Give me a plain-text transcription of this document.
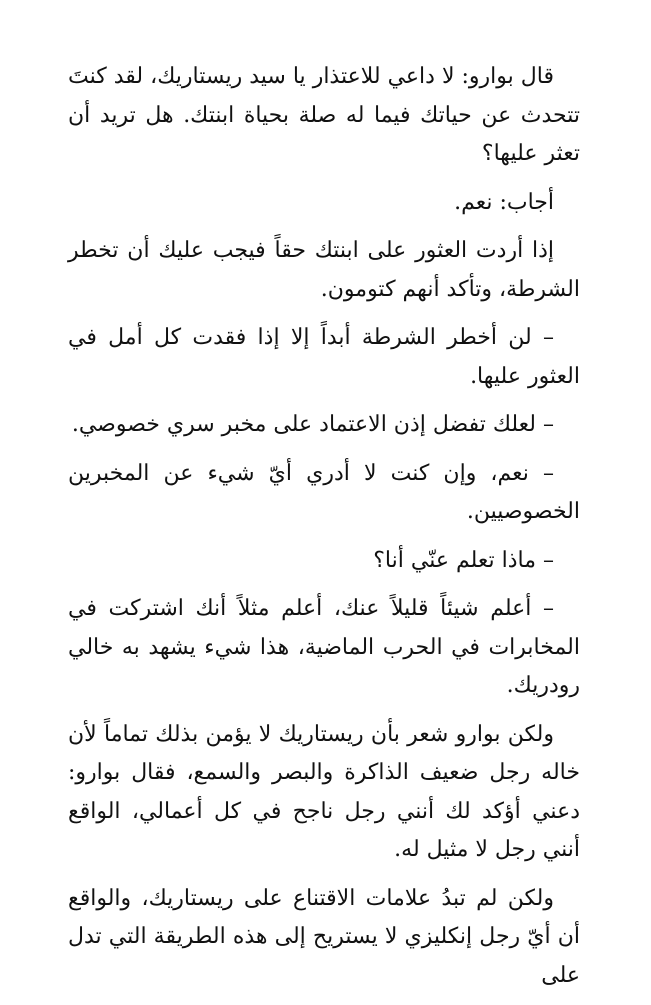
قال بوارو: لا داعي للاعتذار يا سيد ريستاريك، لقد كنتَ تتحدث عن حياتك فيما له صلة بحياة ابنتك. هل تريد أن تعثر عليها؟

أجاب: نعم.

إذا أردت العثور على ابنتك حقاً فيجب عليك أن تخطر الشرطة، وتأكد أنهم كتومون.

– لن أخطر الشرطة أبداً إلا إذا فقدت كل أمل في العثور عليها.

– لعلك تفضل إذن الاعتماد على مخبر سري خصوصي.

– نعم، وإن كنت لا أدري أيّ شيء عن المخبرين الخصوصيين.

– ماذا تعلم عنّي أنا؟

– أعلم شيئاً قليلاً عنك، أعلم مثلاً أنك اشتركت في المخابرات في الحرب الماضية، هذا شيء يشهد به خالي رودريك.

ولكن بوارو شعر بأن ريستاريك لا يؤمن بذلك تماماً لأن خاله رجل ضعيف الذاكرة والبصر والسمع، فقال بوارو: دعني أؤكد لك أنني رجل ناجح في كل أعمالي، الواقع أنني رجل لا مثيل له.

ولكن لم تبدُ علامات الاقتناع على ريستاريك، والواقع أن أيّ رجل إنكليزي لا يستريح إلى هذه الطريقة التي تدل على
